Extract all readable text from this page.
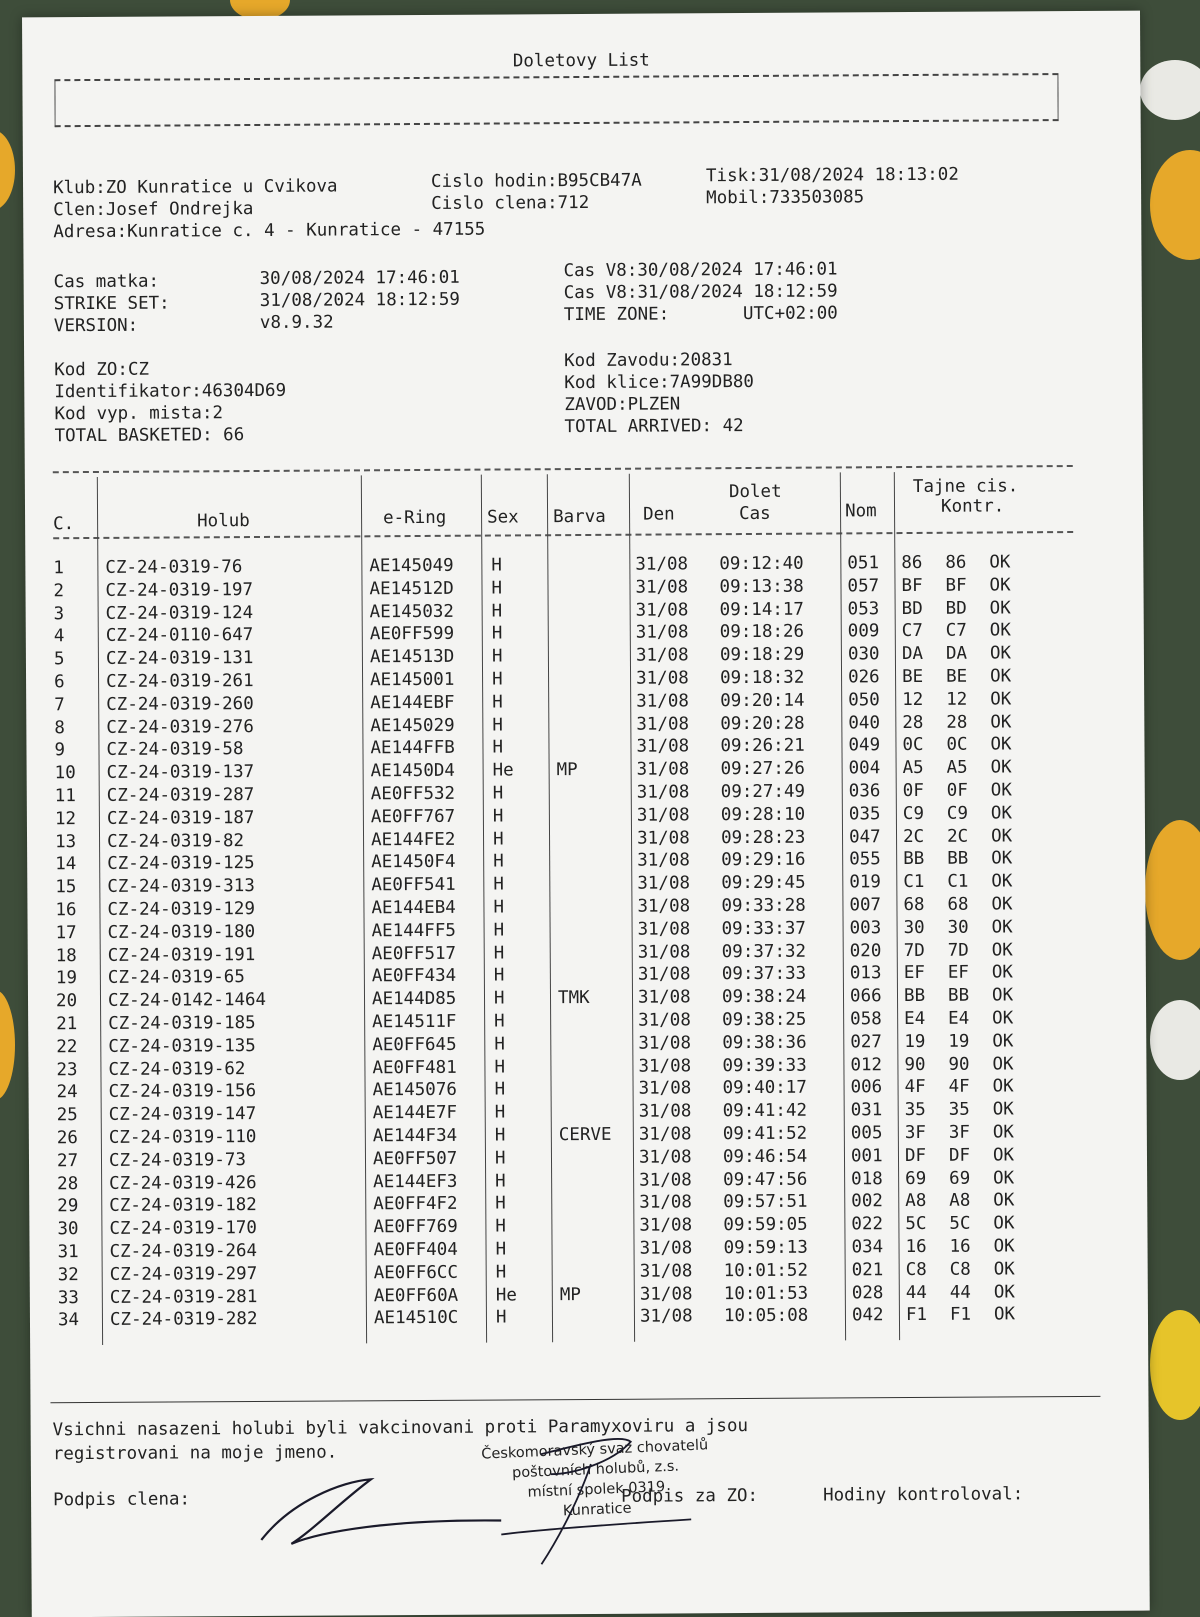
Doletovy List
Klub:ZO Kunratice u Cvikova	Cislo hodin:B95CB47A	Tisk:31/08/2024 18:13:02
Clen:Josef Ondrejka	Cislo clena:712	Mobil:733503085
Adresa:Kunratice c. 4 - Kunratice - 47155
Cas matka:	30/08/2024 17:46:01
STRIKE SET:	31/08/2024 18:12:59
VERSION:	v8.9.32
Cas V8:30/08/2024 17:46:01
Cas V8:31/08/2024 18:12:59
TIME ZONE:       UTC+02:00
Kod ZO:CZ
Identifikator:46304D69
Kod vyp. mista:2
TOTAL BASKETED: 66
Kod Zavodu:20831
Kod klice:7A99DB80
ZAVOD:PLZEN
TOTAL ARRIVED: 42
C.	Holub	e-Ring Sex Barva
Dolet
Den	Cas	Nom
Tajne cis.
Kontr.
1 CZ-24-0319-76	AE145049 H	31/08 09:12:40 051 86 86 OK
2 CZ-24-0319-197	AE14512D H	31/08 09:13:38 057 BF BF OK
3 CZ-24-0319-124	AE145032 H	31/08 09:14:17 053 BD BD OK
4 CZ-24-0110-647	AE0FF599 H	31/08 09:18:26 009 C7 C7 OK
5 CZ-24-0319-131	AE14513D H	31/08 09:18:29 030 DA DA OK
6 CZ-24-0319-261	AE145001 H	31/08 09:18:32 026 BE BE OK
7 CZ-24-0319-260	AE144EBF H	31/08 09:20:14 050 12 12 OK
8 CZ-24-0319-276	AE145029 H	31/08 09:20:28 040 28 28 OK
9 CZ-24-0319-58	AE144FFB H	31/08 09:26:21 049 0C 0C OK
10 CZ-24-0319-137	AE1450D4 He MP	31/08 09:27:26 004 A5 A5 OK
11 CZ-24-0319-287	AE0FF532 H	31/08 09:27:49 036 0F 0F OK
12 CZ-24-0319-187	AE0FF767 H	31/08 09:28:10 035 C9 C9 OK
13 CZ-24-0319-82	AE144FE2 H	31/08 09:28:23 047 2C 2C OK
14 CZ-24-0319-125	AE1450F4 H	31/08 09:29:16 055 BB BB OK
15 CZ-24-0319-313	AE0FF541 H	31/08 09:29:45 019 C1 C1 OK
16 CZ-24-0319-129	AE144EB4 H	31/08 09:33:28 007 68 68 OK
17 CZ-24-0319-180	AE144FF5 H	31/08 09:33:37 003 30 30 OK
18 CZ-24-0319-191	AE0FF517 H	31/08 09:37:32 020 7D 7D OK
19 CZ-24-0319-65	AE0FF434 H	31/08 09:37:33 013 EF EF OK
20 CZ-24-0142-1464	AE144D85 H	TMK	31/08 09:38:24 066 BB BB OK
21 CZ-24-0319-185	AE14511F H	31/08 09:38:25 058 E4 E4 OK
22 CZ-24-0319-135	AE0FF645 H	31/08 09:38:36 027 19 19 OK
23 CZ-24-0319-62	AE0FF481 H	31/08 09:39:33 012 90 90 OK
24 CZ-24-0319-156	AE145076 H	31/08 09:40:17 006 4F 4F OK
25 CZ-24-0319-147	AE144E7F H	31/08 09:41:42 031 35 35 OK
26 CZ-24-0319-110	AE144F34 H	CERVE 31/08 09:41:52 005 3F 3F OK
27 CZ-24-0319-73	AE0FF507 H	31/08 09:46:54 001 DF DF OK
28 CZ-24-0319-426	AE144EF3 H	31/08 09:47:56 018 69 69 OK
29 CZ-24-0319-182	AE0FF4F2 H	31/08 09:57:51 002 A8 A8 OK
30 CZ-24-0319-170	AE0FF769 H	31/08 09:59:05 022 5C 5C OK
31 CZ-24-0319-264	AE0FF404 H	31/08 09:59:13 034 16 16 OK
32 CZ-24-0319-297	AE0FF6CC H	31/08 10:01:52 021 C8 C8 OK
33 CZ-24-0319-281	AE0FF60A He MP	31/08 10:01:53 028 44 44 OK
34 CZ-24-0319-282	AE14510C H	31/08 10:05:08 042 F1 F1 OK
Vsichni nasazeni holubi byli vakcinovani proti Paramyxoviru a jsou
registrovani na moje jmeno.
Podpis clena:	Podpis za ZO:	Hodiny kontroloval:
Českomoravský svaz chovatelů
poštovních holubů, z.s.
místní spolek 0319
Kunratice
